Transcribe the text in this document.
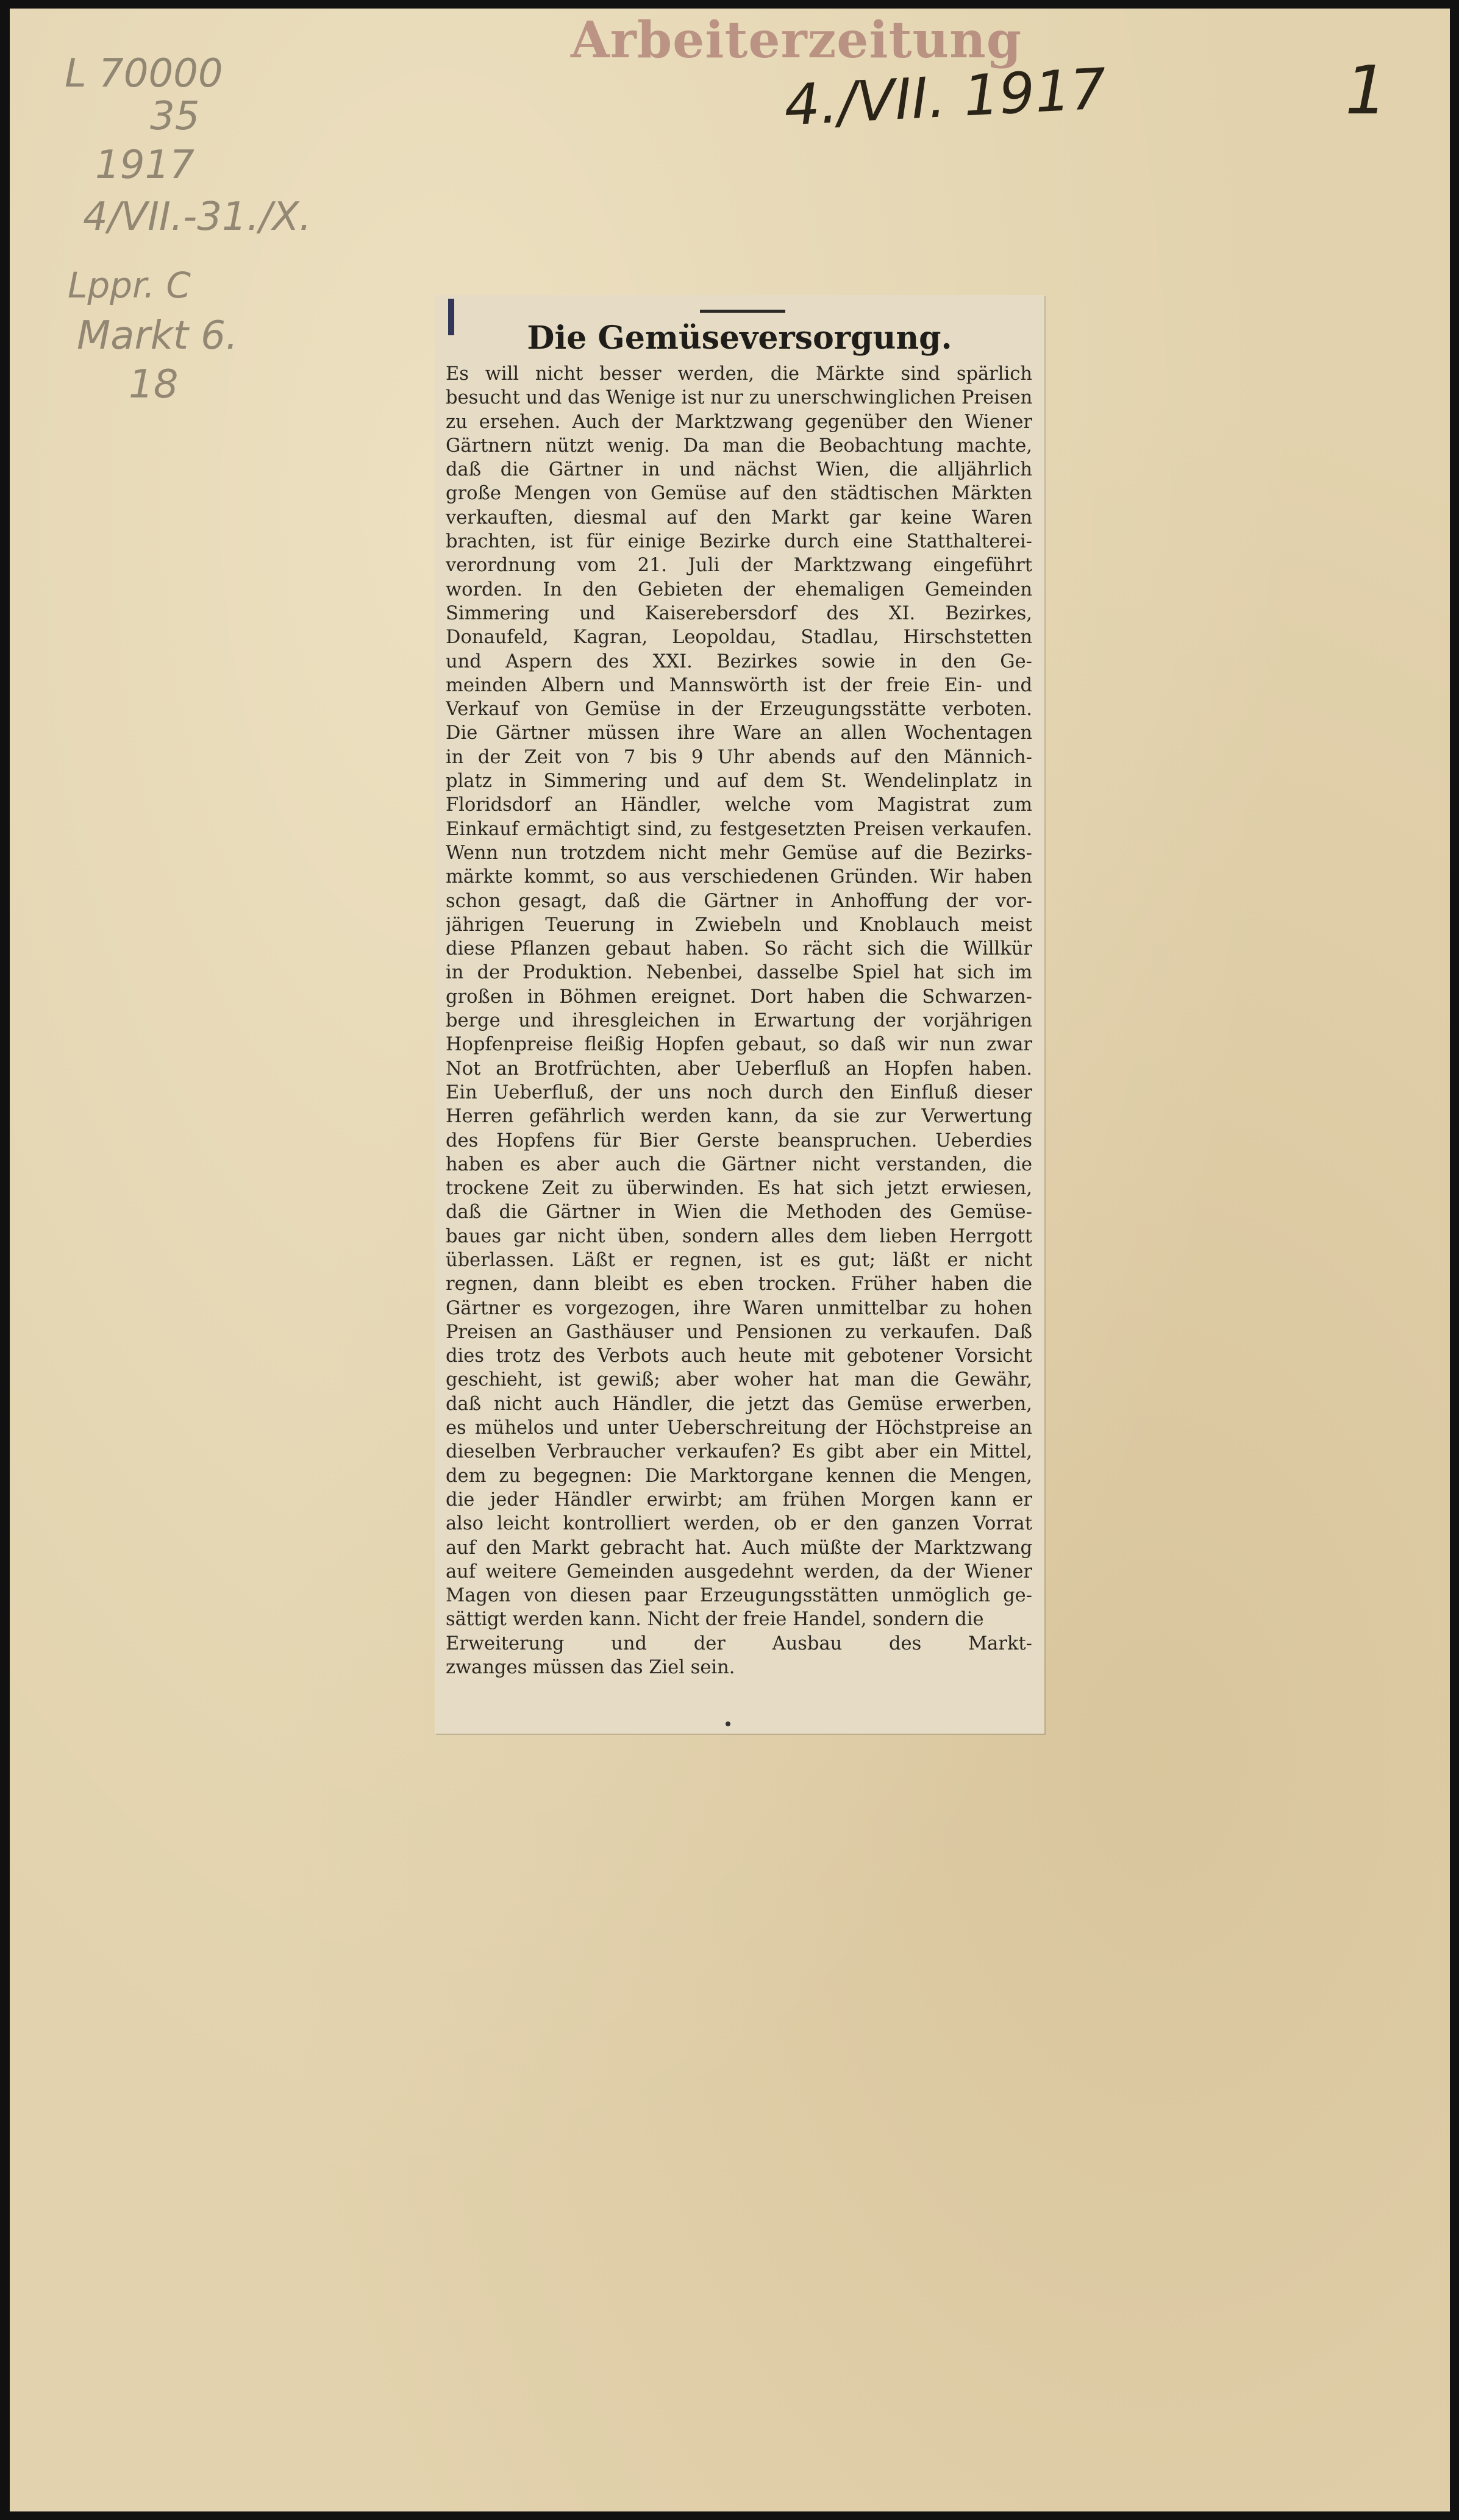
Arbeiterzeitung
4./VII. 1917	1
L 70000
35
1917
4/VII.-31./X.
Lppr. C
Markt 6.
18
Die Gemüseversorgung.
Es will nicht besser werden, die Märkte sind spärlich
besucht und das Wenige ist nur zu unerschwinglichen Preisen
zu ersehen. Auch der Marktzwang gegenüber den Wiener
Gärtnern nützt wenig. Da man die Beobachtung machte,
daß die Gärtner in und nächst Wien, die alljährlich
große Mengen von Gemüse auf den städtischen Märkten
verkauften, diesmal auf den Markt gar keine Waren
brachten, ist für einige Bezirke durch eine Statthalterei-
verordnung vom 21. Juli der Marktzwang eingeführt
worden. In den Gebieten der ehemaligen Gemeinden
Simmering und Kaiserebersdorf des XI. Bezirkes,
Donaufeld, Kagran, Leopoldau, Stadlau, Hirschstetten
und Aspern des XXI. Bezirkes sowie in den Ge-
meinden Albern und Mannswörth ist der freie Ein- und
Verkauf von Gemüse in der Erzeugungsstätte verboten.
Die Gärtner müssen ihre Ware an allen Wochentagen
in der Zeit von 7 bis 9 Uhr abends auf den Männich-
platz in Simmering und auf dem St. Wendelinplatz in
Floridsdorf an Händler, welche vom Magistrat zum
Einkauf ermächtigt sind, zu festgesetzten Preisen verkaufen.
Wenn nun trotzdem nicht mehr Gemüse auf die Bezirks-
märkte kommt, so aus verschiedenen Gründen. Wir haben
schon gesagt, daß die Gärtner in Anhoffung der vor-
jährigen Teuerung in Zwiebeln und Knoblauch meist
diese Pflanzen gebaut haben. So rächt sich die Willkür
in der Produktion. Nebenbei, dasselbe Spiel hat sich im
großen in Böhmen ereignet. Dort haben die Schwarzen-
berge und ihresgleichen in Erwartung der vorjährigen
Hopfenpreise fleißig Hopfen gebaut, so daß wir nun zwar
Not an Brotfrüchten, aber Ueberfluß an Hopfen haben.
Ein Ueberfluß, der uns noch durch den Einfluß dieser
Herren gefährlich werden kann, da sie zur Verwertung
des Hopfens für Bier Gerste beanspruchen. Ueberdies
haben es aber auch die Gärtner nicht verstanden, die
trockene Zeit zu überwinden. Es hat sich jetzt erwiesen,
daß die Gärtner in Wien die Methoden des Gemüse-
baues gar nicht üben, sondern alles dem lieben Herrgott
überlassen. Läßt er regnen, ist es gut; läßt er nicht
regnen, dann bleibt es eben trocken. Früher haben die
Gärtner es vorgezogen, ihre Waren unmittelbar zu hohen
Preisen an Gasthäuser und Pensionen zu verkaufen. Daß
dies trotz des Verbots auch heute mit gebotener Vorsicht
geschieht, ist gewiß; aber woher hat man die Gewähr,
daß nicht auch Händler, die jetzt das Gemüse erwerben,
es mühelos und unter Ueberschreitung der Höchstpreise an
dieselben Verbraucher verkaufen? Es gibt aber ein Mittel,
dem zu begegnen: Die Marktorgane kennen die Mengen,
die jeder Händler erwirbt; am frühen Morgen kann er
also leicht kontrolliert werden, ob er den ganzen Vorrat
auf den Markt gebracht hat. Auch müßte der Marktzwang
auf weitere Gemeinden ausgedehnt werden, da der Wiener
Magen von diesen paar Erzeugungsstätten unmöglich ge-
sättigt werden kann. Nicht der freie Handel, sondern die
Erweiterung und der Ausbau des Markt-
zwanges müssen das Ziel sein.
